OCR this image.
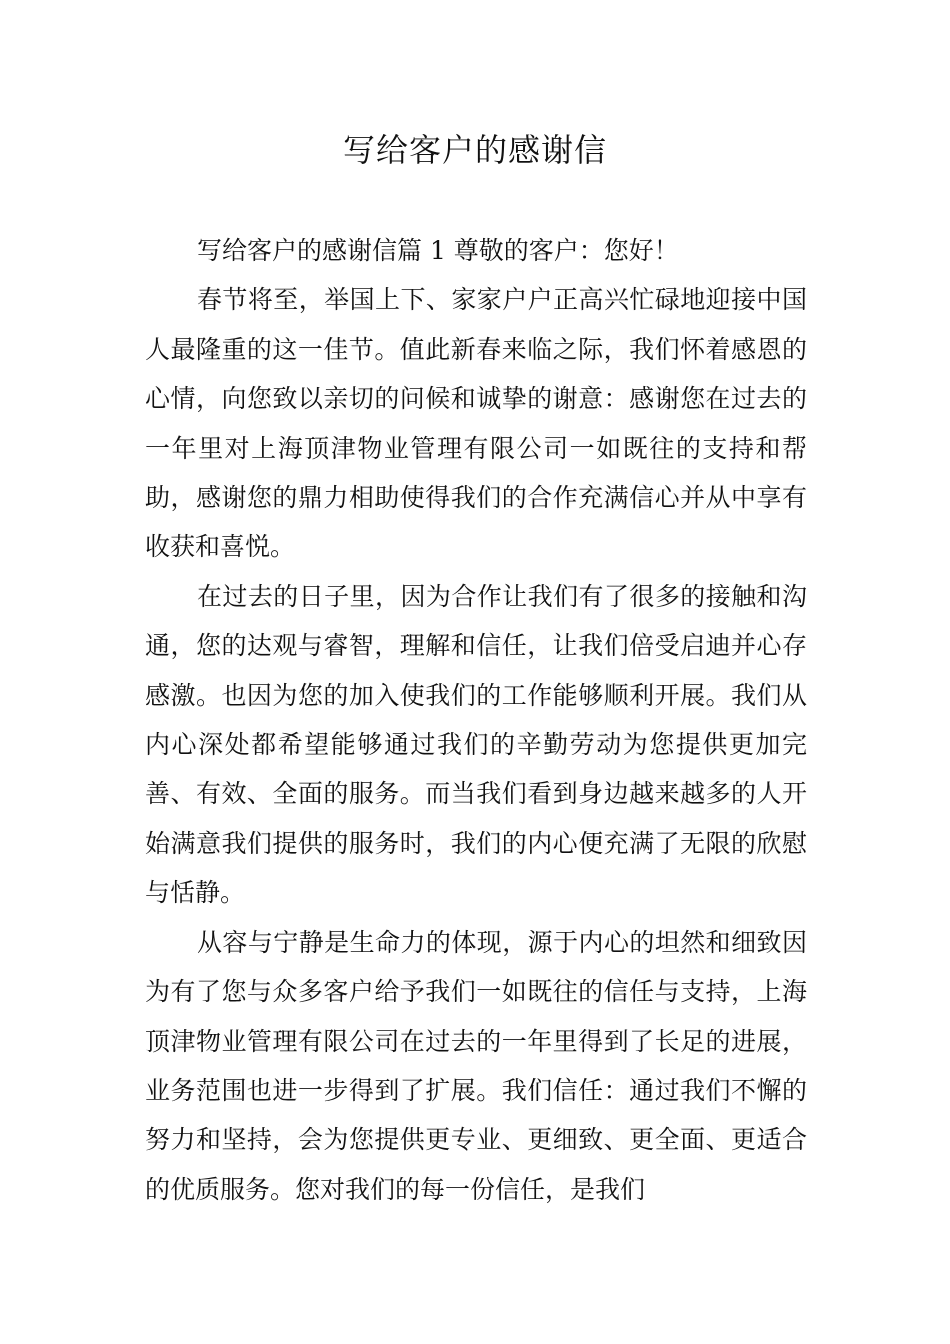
写给客户的感谢信

写给客户的感谢信篇 1 尊敬的客户：您好！

春节将至，举国上下、家家户户正高兴忙碌地迎接中国人最隆重的这一佳节。值此新春来临之际，我们怀着感恩的心情，向您致以亲切的问候和诚挚的谢意：感谢您在过去的一年里对上海顶津物业管理有限公司一如既往的支持和帮助，感谢您的鼎力相助使得我们的合作充满信心并从中享有收获和喜悦。

在过去的日子里，因为合作让我们有了很多的接触和沟通，您的达观与睿智，理解和信任，让我们倍受启迪并心存感激。也因为您的加入使我们的工作能够顺利开展。我们从内心深处都希望能够通过我们的辛勤劳动为您提供更加完善、有效、全面的服务。而当我们看到身边越来越多的人开始满意我们提供的服务时，我们的内心便充满了无限的欣慰与恬静。

从容与宁静是生命力的体现，源于内心的坦然和细致因为有了您与众多客户给予我们一如既往的信任与支持，上海顶津物业管理有限公司在过去的一年里得到了长足的进展，业务范围也进一步得到了扩展。我们信任：通过我们不懈的努力和坚持，会为您提供更专业、更细致、更全面、更适合的优质服务。您对我们的每一份信任，是我们
